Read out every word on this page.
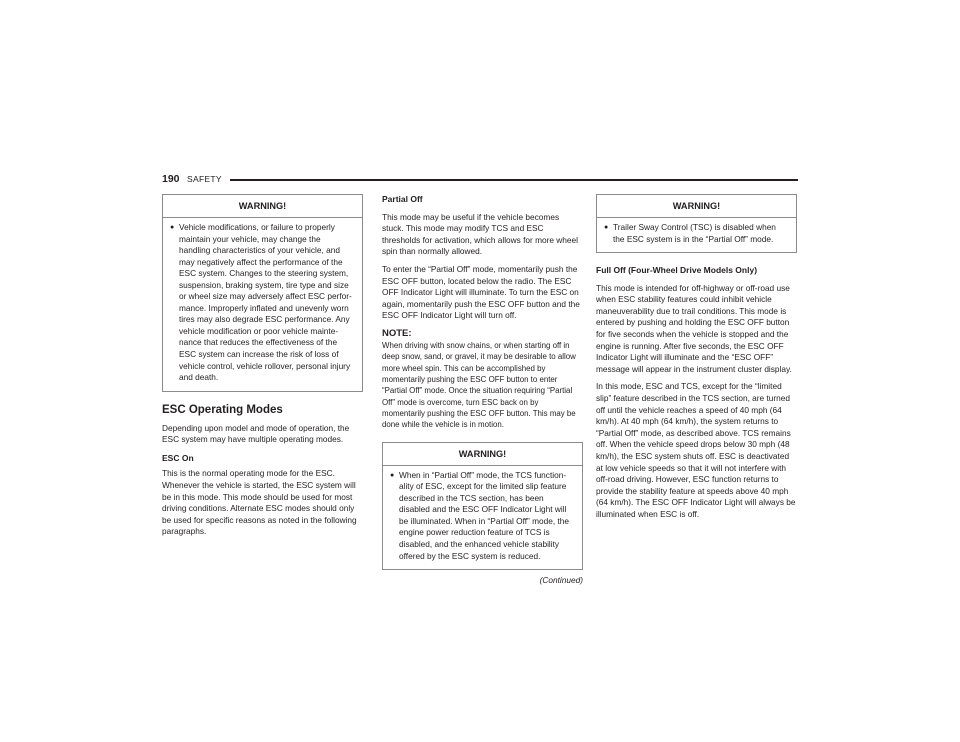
190 SAFETY
WARNING!
● Vehicle modifications, or failure to properly maintain your vehicle, may change the handling characteristics of your vehicle, and may negatively affect the performance of the ESC system. Changes to the steering system, suspension, braking system, tire type and size or wheel size may adversely affect ESC perfor-mance. Improperly inflated and unevenly worn tires may also degrade ESC performance. Any vehicle modification or poor vehicle mainte-nance that reduces the effectiveness of the ESC system can increase the risk of loss of vehicle control, vehicle rollover, personal injury and death.
ESC Operating Modes

Depending upon model and mode of operation, the ESC system may have multiple operating modes.

ESC On

This is the normal operating mode for the ESC. Whenever the vehicle is started, the ESC system will be in this mode. This mode should be used for most driving conditions. Alternate ESC modes should only be used for specific reasons as noted in the following paragraphs.

Partial Off

This mode may be useful if the vehicle becomes stuck. This mode may modify TCS and ESC thresholds for activation, which allows for more wheel spin than normally allowed.

To enter the “Partial Off” mode, momentarily push the ESC OFF button, located below the radio. The ESC OFF Indicator Light will illuminate. To turn the ESC on again, momentarily push the ESC OFF button and the ESC OFF Indicator Light will turn off.

NOTE:

When driving with snow chains, or when starting off in deep snow, sand, or gravel, it may be desirable to allow more wheel spin. This can be accomplished by momentarily pushing the ESC OFF button to enter “Partial Off” mode. Once the situation requiring “Partial Off” mode is overcome, turn ESC back on by momentarily pushing the ESC OFF button. This may be done while the vehicle is in motion.

WARNING!
● When in “Partial Off” mode, the TCS function-ality of ESC, except for the limited slip feature described in the TCS section, has been disabled and the ESC OFF Indicator Light will be illuminated. When in “Partial Off” mode, the engine power reduction feature of TCS is disabled, and the enhanced vehicle stability offered by the ESC system is reduced.
(Continued)
WARNING!
● Trailer Sway Control (TSC) is disabled when the ESC system is in the “Partial Off” mode.
Full Off (Four-Wheel Drive Models Only)

This mode is intended for off-highway or off-road use when ESC stability features could inhibit vehicle maneuverability due to trail conditions. This mode is entered by pushing and holding the ESC OFF button for five seconds when the vehicle is stopped and the engine is running. After five seconds, the ESC OFF Indicator Light will illuminate and the “ESC OFF” message will appear in the instrument cluster display.

In this mode, ESC and TCS, except for the “limited slip” feature described in the TCS section, are turned off until the vehicle reaches a speed of 40 mph (64 km/h). At 40 mph (64 km/h), the system returns to “Partial Off” mode, as described above. TCS remains off. When the vehicle speed drops below 30 mph (48 km/h), the ESC system shuts off. ESC is deactivated at low vehicle speeds so that it will not interfere with off-road driving. However, ESC function returns to provide the stability feature at speeds above 40 mph (64 km/h). The ESC OFF Indicator Light will always be illuminated when ESC is off.
